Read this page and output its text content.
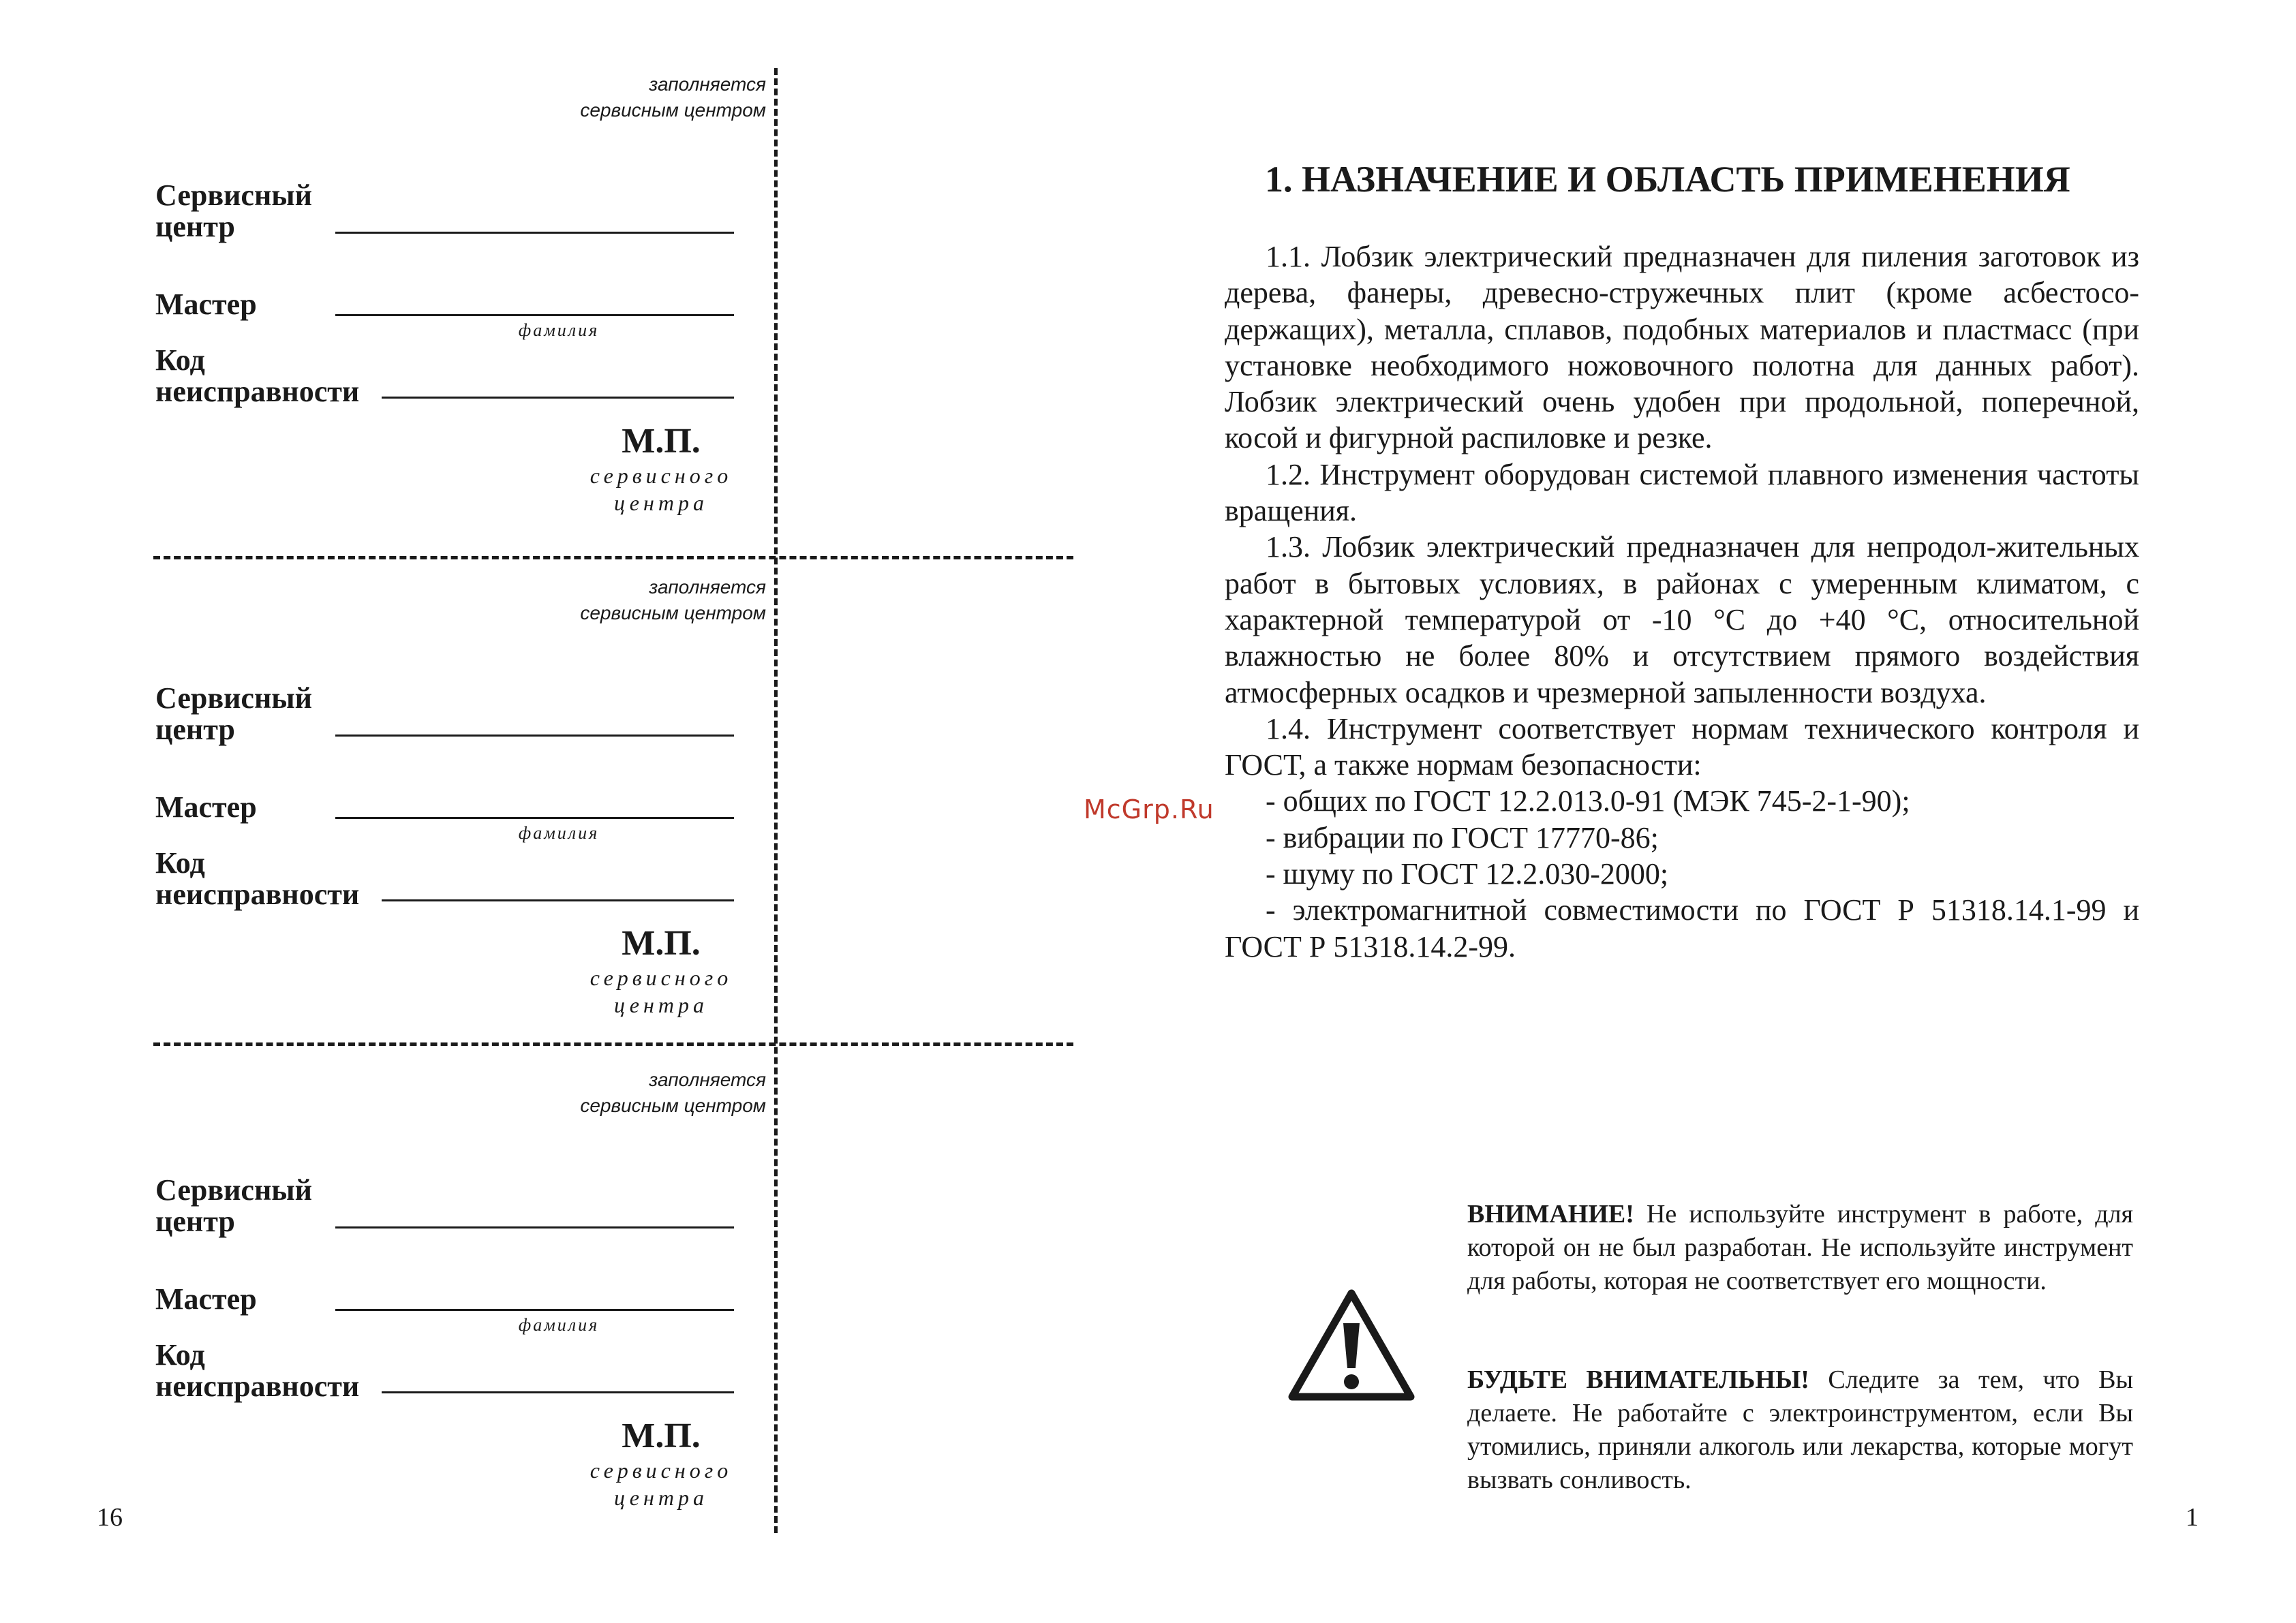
заполняется
сервисным центром
Сервисный
центр
Мастер
фамилия
Код
неисправности
М.П.
сервисного
центра
заполняется
сервисным центром
Сервисный
центр
Мастер
фамилия
Код
неисправности
М.П.
сервисного
центра
заполняется
сервисным центром
Сервисный
центр
Мастер
фамилия
Код
неисправности
М.П.
сервисного
центра
16
1. НАЗНАЧЕНИЕ И ОБЛАСТЬ ПРИМЕНЕНИЯ

1.1. Лобзик электрический предназначен для пиления заготовок из дерева, фанеры, древесно-стружечных плит (кроме асбестосо-держащих), металла, сплавов, подобных материалов и пластмасс (при установке необходимого ножовочного полотна для данных работ). Лобзик электрический очень удобен при продольной, поперечной, косой и фигурной распиловке и резке.

1.2. Инструмент оборудован системой плавного изменения частоты вращения.

1.3. Лобзик электрический предназначен для непродол-жительных работ в бытовых условиях, в районах с умеренным климатом, с характерной температурой от -10 °С до +40 °С, относительной влажностью не более 80% и отсутствием прямого воздействия атмосферных осадков и чрезмерной запыленности воздуха.

1.4. Инструмент соответствует нормам технического контроля и ГОСТ, а также нормам безопасности:

- общих по ГОСТ 12.2.013.0-91 (МЭК 745-2-1-90);

- вибрации по ГОСТ 17770-86;

- шуму по ГОСТ 12.2.030-2000;

- электромагнитной совместимости по ГОСТ Р 51318.14.1-99 и ГОСТ Р 51318.14.2-99.

McGrp.Ru

ВНИМАНИЕ! Не используйте инструмент в работе, для которой он не был разработан. Не используйте инструмент для работы, которая не соответствует его мощности.

БУДЬТЕ ВНИМАТЕЛЬНЫ! Следите за тем, что Вы делаете. Не работайте с электроинструментом, если Вы утомились, приняли алкоголь или лекарства, которые могут вызвать сонливость.

1
